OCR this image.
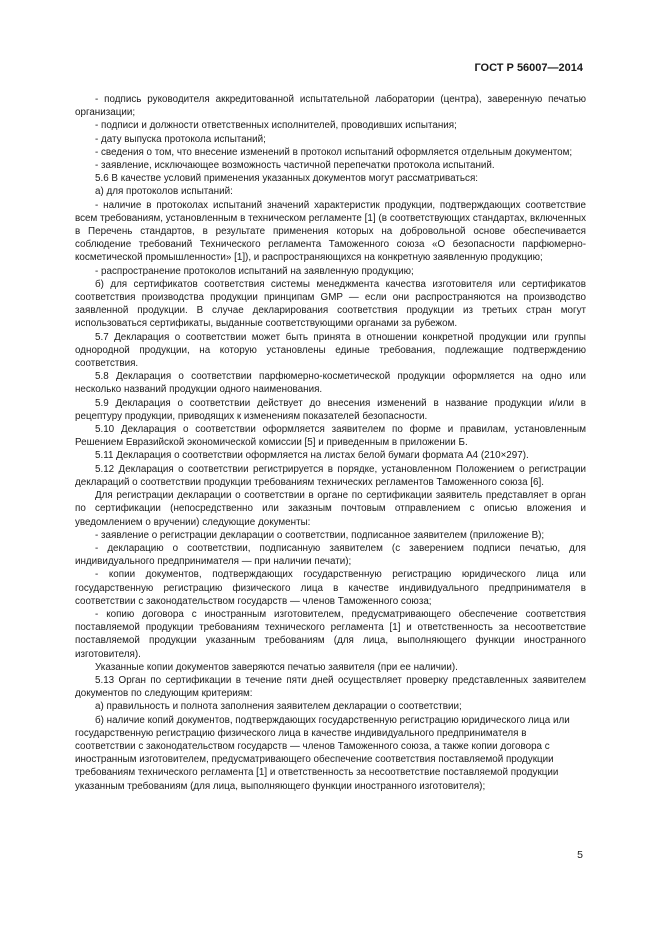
ГОСТ Р 56007—2014

- подпись руководителя аккредитованной испытательной лаборатории (центра), заверенную печатью организации;

- подписи и должности ответственных исполнителей, проводивших испытания;

- дату выпуска протокола испытаний;

- сведения о том, что внесение изменений в протокол испытаний оформляется отдельным документом;

- заявление, исключающее возможность частичной перепечатки протокола испытаний.

5.6 В качестве условий применения указанных документов могут рассматриваться:

а) для протоколов испытаний:

- наличие в протоколах испытаний значений характеристик продукции, подтверждающих соответствие всем требованиям, установленным в техническом регламенте [1] (в соответствующих стандартах, включенных в Перечень стандартов, в результате применения которых на добровольной основе обеспечивается соблюдение требований Технического регламента Таможенного союза «О безопасности парфюмерно-косметической промышленности» [1]), и распространяющихся на конкретную заявленную продукцию;

- распространение протоколов испытаний на заявленную продукцию;

б) для сертификатов соответствия системы менеджмента качества изготовителя или сертификатов соответствия производства продукции принципам GMP — если они распространяются на производство заявленной продукции. В случае декларирования соответствия продукции из третьих стран могут использоваться сертификаты, выданные соответствующими органами за рубежом.

5.7 Декларация о соответствии может быть принята в отношении конкретной продукции или группы однородной продукции, на которую установлены единые требования, подлежащие подтверждению соответствия.

5.8 Декларация о соответствии парфюмерно-косметической продукции оформляется на одно или несколько названий продукции одного наименования.

5.9 Декларация о соответствии действует до внесения изменений в название продукции и/или в рецептуру продукции, приводящих к изменениям показателей безопасности.

5.10 Декларация о соответствии оформляется заявителем по форме и правилам, установленным Решением Евразийской экономической комиссии [5] и приведенным в приложении Б.

5.11 Декларация о соответствии оформляется на листах белой бумаги формата А4 (210×297).

5.12 Декларация о соответствии регистрируется в порядке, установленном Положением о регистрации деклараций о соответствии продукции требованиям технических регламентов Таможенного союза [6].

Для регистрации декларации о соответствии в органе по сертификации заявитель представляет в орган по сертификации (непосредственно или заказным почтовым отправлением с описью вложения и уведомлением о вручении) следующие документы:

- заявление о регистрации декларации о соответствии, подписанное заявителем (приложение В);

- декларацию о соответствии, подписанную заявителем (с заверением подписи печатью, для индивидуального предпринимателя — при наличии печати);

- копии документов, подтверждающих государственную регистрацию юридического лица или государственную регистрацию физического лица в качестве индивидуального предпринимателя в соответствии с законодательством государств — членов Таможенного союза;

- копию договора с иностранным изготовителем, предусматривающего обеспечение соответствия поставляемой продукции требованиям технического регламента [1] и ответственность за несоответствие поставляемой продукции указанным требованиям (для лица, выполняющего функции иностранного изготовителя).

Указанные копии документов заверяются печатью заявителя (при ее наличии).

5.13 Орган по сертификации в течение пяти дней осуществляет проверку представленных заявителем документов по следующим критериям:

а) правильность и полнота заполнения заявителем декларации о соответствии;

б) наличие копий документов, подтверждающих государственную регистрацию юридического лица или государственную регистрацию физического лица в качестве индивидуального предпринимателя в соответствии с законодательством государств — членов Таможенного союза, а также копии договора с иностранным изготовителем, предусматривающего обеспечение соответствия поставляемой продукции требованиям технического регламента [1] и ответственность за несоответствие поставляемой продукции указанным требованиям (для лица, выполняющего функции иностранного изготовителя);

5
